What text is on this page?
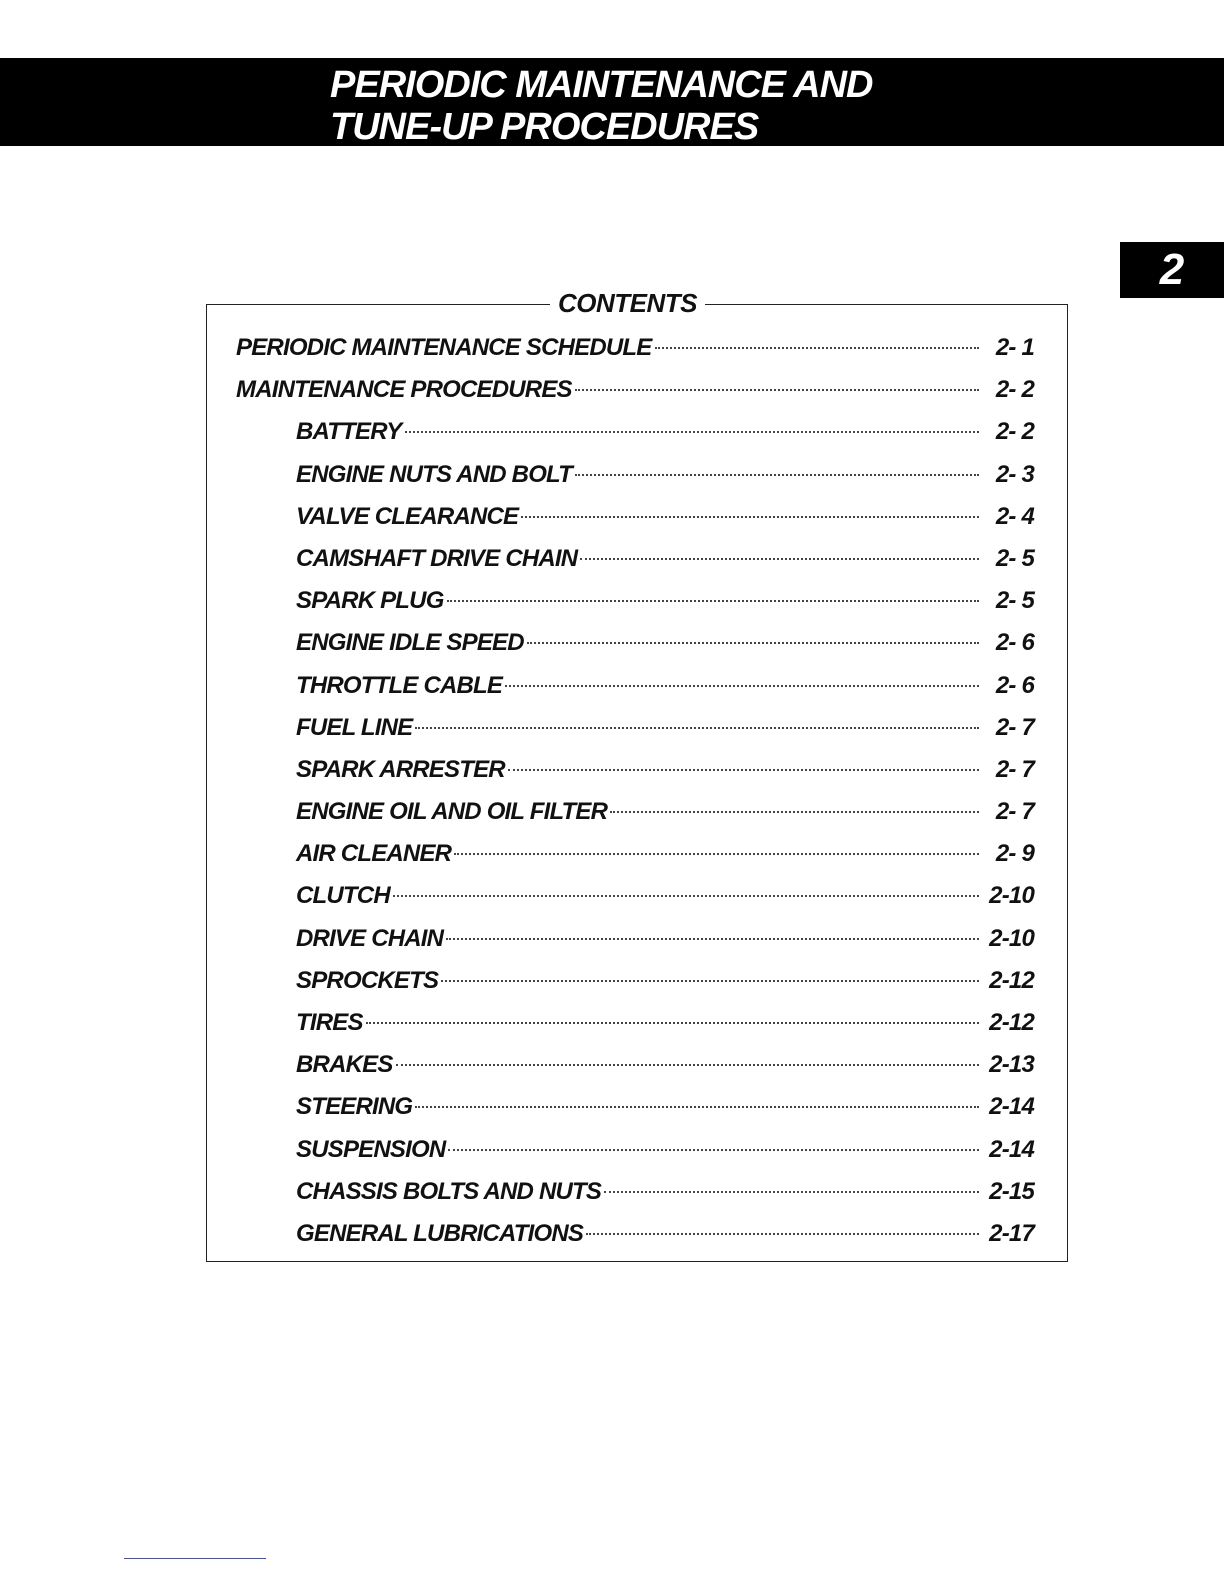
PERIODIC MAINTENANCE AND
TUNE-UP PROCEDURES
2
CONTENTS
PERIODIC MAINTENANCE SCHEDULE	2- 1
MAINTENANCE PROCEDURES	2- 2
BATTERY	2- 2
ENGINE NUTS AND BOLT	2- 3
VALVE CLEARANCE	2- 4
CAMSHAFT DRIVE CHAIN	2- 5
SPARK PLUG	2- 5
ENGINE IDLE SPEED	2- 6
THROTTLE CABLE	2- 6
FUEL LINE	2- 7
SPARK ARRESTER	2- 7
ENGINE OIL AND OIL FILTER	2- 7
AIR CLEANER	2- 9
CLUTCH	2-10
DRIVE CHAIN	2-10
SPROCKETS	2-12
TIRES	2-12
BRAKES	2-13
STEERING	2-14
SUSPENSION	2-14
CHASSIS BOLTS AND NUTS	2-15
GENERAL LUBRICATIONS	2-17
